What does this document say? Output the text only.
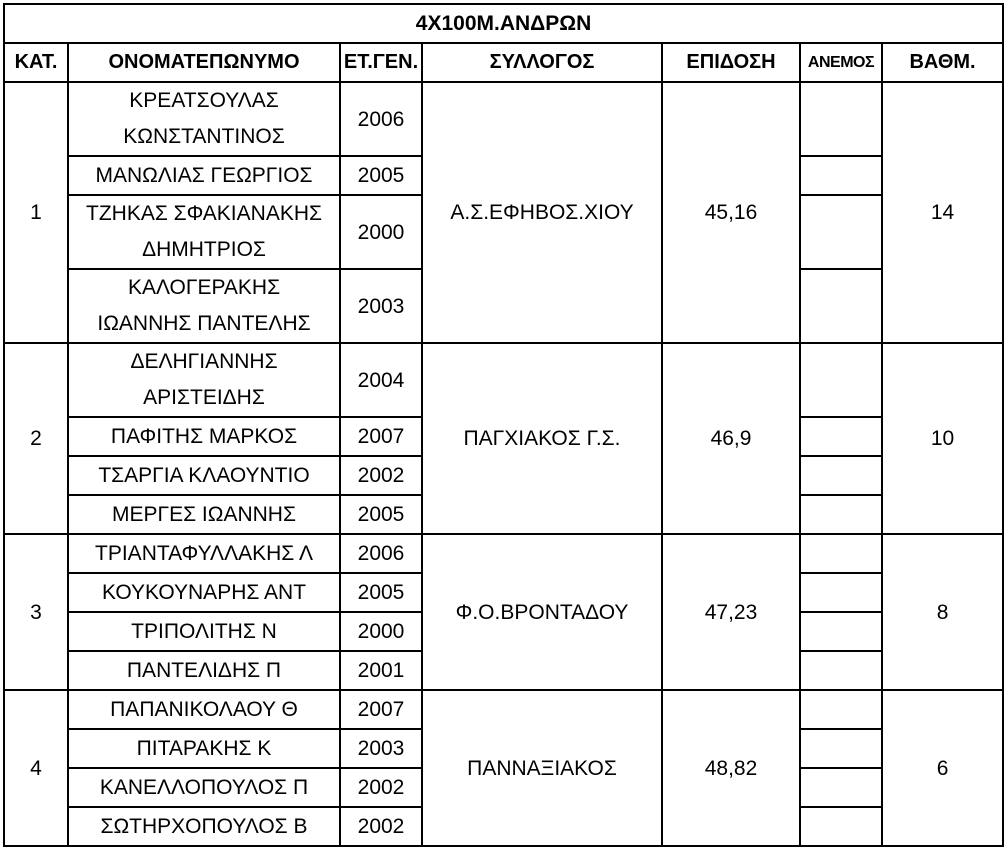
4X100Μ.ΑΝΔΡΩΝ						
ΚΑΤ.	ΟΝΟΜΑΤΕΠΩΝΥΜΟ	ΕΤ.ΓΕΝ.	ΣΥΛΛΟΓΟΣ	ΕΠΙΔΟΣΗ	ΑΝΕΜΟΣ	ΒΑΘΜ.
1	ΚΡΕΑΤΣΟΥΛΑΣ
ΚΩΝΣΤΑΝΤΙΝΟΣ	2006	Α.Σ.ΕΦΗΒΟΣ.ΧΙΟΥ	45,16		14
	ΜΑΝΩΛΙΑΣ ΓΕΩΡΓΙΟΣ	2005				
	ΤΖΗΚΑΣ ΣΦΑΚΙΑΝΑΚΗΣ
ΔΗΜΗΤΡΙΟΣ	2000				
	ΚΑΛΟΓΕΡΑΚΗΣ
ΙΩΑΝΝΗΣ ΠΑΝΤΕΛΗΣ	2003				
2	ΔΕΛΗΓΙΑΝΝΗΣ
ΑΡΙΣΤΕΙΔΗΣ	2004	ΠΑΓΧΙΑΚΟΣ Γ.Σ.	46,9		10
	ΠΑΦΙΤΗΣ ΜΑΡΚΟΣ	2007				
	ΤΣΑΡΓΙΑ ΚΛΑΟΥΝΤΙΟ	2002				
	ΜΕΡΓΕΣ ΙΩΑΝΝΗΣ	2005				
3	ΤΡΙΑΝΤΑΦΥΛΛΑΚΗΣ Λ	2006	Φ.Ο.ΒΡΟΝΤΑΔΟΥ	47,23		8
	ΚΟΥΚΟΥΝΑΡΗΣ ΑΝΤ	2005				
	ΤΡΙΠΟΛΙΤΗΣ Ν	2000				
	ΠΑΝΤΕΛΙΔΗΣ Π	2001				
4	ΠΑΠΑΝΙΚΟΛΑΟΥ Θ	2007	ΠΑΝΝΑΞΙΑΚΟΣ	48,82		6
	ΠΙΤΑΡΑΚΗΣ Κ	2003				
	ΚΑΝΕΛΛΟΠΟΥΛΟΣ Π	2002				
	ΣΩΤΗΡΧΟΠΟΥΛΟΣ Β	2002				
